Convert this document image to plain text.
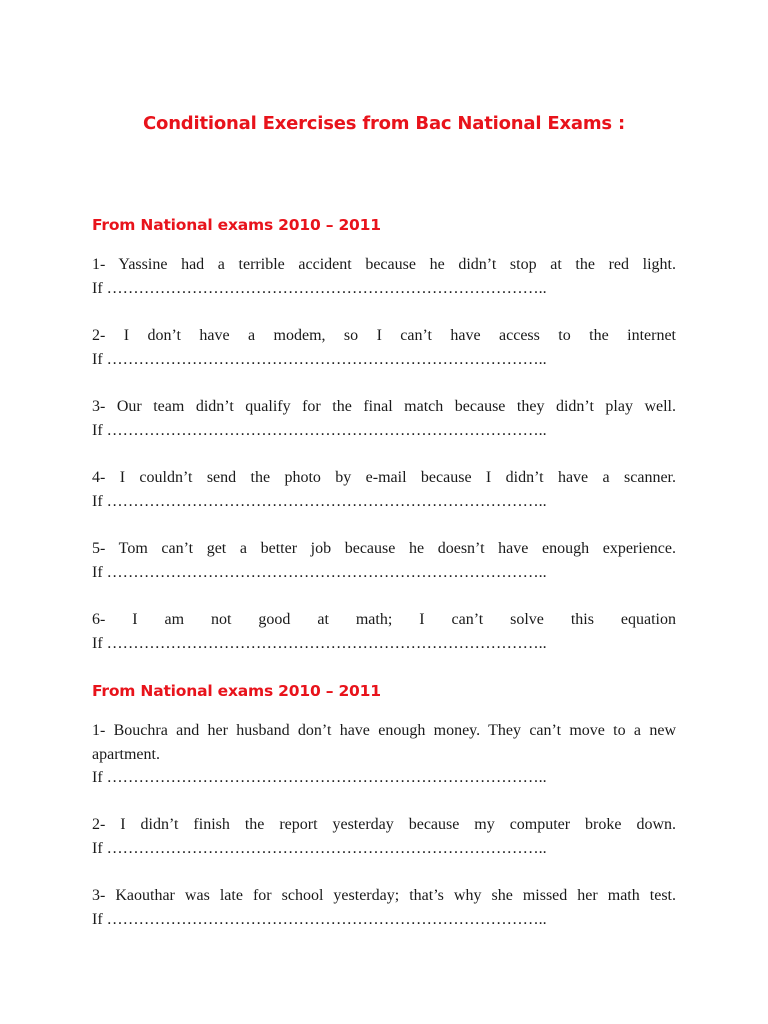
Conditional Exercises from Bac National Exams :
From National exams 2010 – 2011
1- Yassine had a terrible accident because he didn’t stop at the red light.
If ………………………………………………………………………..
2- I don’t have a modem, so I can’t have access to the internet
If ………………………………………………………………………..
3- Our team didn’t qualify for the final match because they didn’t play well.
If ………………………………………………………………………..
4- I couldn’t send the photo by e-mail because I didn’t have a scanner.
If ………………………………………………………………………..
5- Tom can’t get a better job because he doesn’t have enough experience.
If ………………………………………………………………………..
6- I am not good at math; I can’t solve this equation
If ………………………………………………………………………..
From National exams 2010 – 2011
1- Bouchra and her husband don’t have enough money. They can’t move to a new apartment.
If ………………………………………………………………………..
2- I didn’t finish the report yesterday because my computer broke down.
If ………………………………………………………………………..
3- Kaouthar was late for school yesterday; that’s why she missed her math test.
If ………………………………………………………………………..
